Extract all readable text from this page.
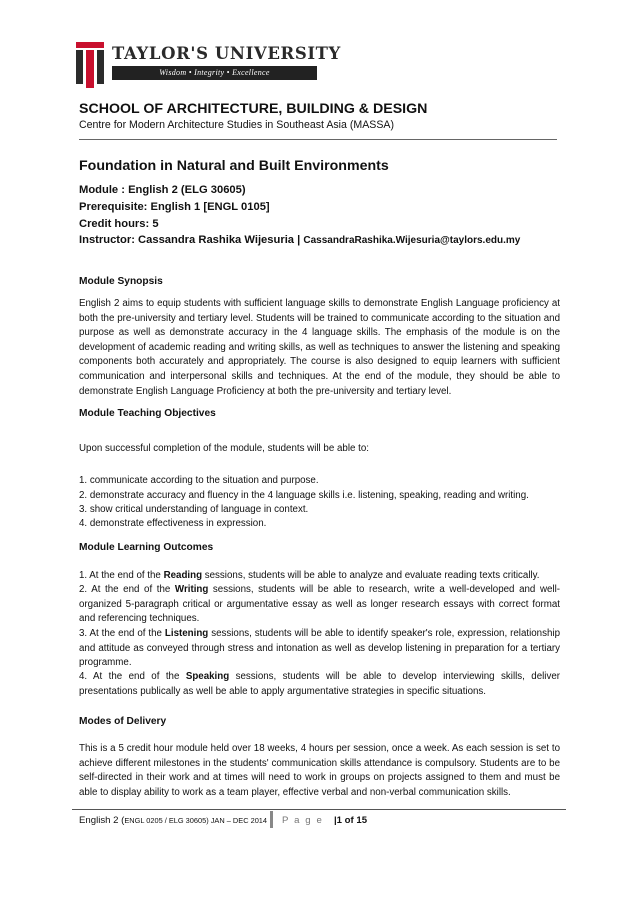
TAYLOR'S UNIVERSITY
Wisdom • Integrity • Excellence
SCHOOL OF ARCHITECTURE, BUILDING & DESIGN
Centre for Modern Architecture Studies in Southeast Asia (MASSA)
Foundation in Natural and Built Environments
Module : English 2 (ELG 30605)
Prerequisite: English 1 [ENGL 0105]
Credit hours: 5
Instructor: Cassandra Rashika Wijesuria | CassandraRashika.Wijesuria@taylors.edu.my
Module Synopsis
English 2 aims to equip students with sufficient language skills to demonstrate English Language proficiency at both the pre-university and tertiary level. Students will be trained to communicate according to the situation and purpose as well as demonstrate accuracy in the 4 language skills. The emphasis of the module is on the development of academic reading and writing skills, as well as techniques to answer the listening and speaking components both accurately and appropriately. The course is also designed to equip learners with sufficient communication and interpersonal skills and techniques. At the end of the module, they should be able to demonstrate English Language Proficiency at both the pre-university and tertiary level.
Module Teaching Objectives
Upon successful completion of the module, students will be able to:
1. communicate according to the situation and purpose.
2. demonstrate accuracy and fluency in the 4 language skills i.e. listening, speaking, reading and writing.
3. show critical understanding of language in context.
4. demonstrate effectiveness in expression.
Module Learning Outcomes
1. At the end of the Reading sessions, students will be able to analyze and evaluate reading texts critically.
2. At the end of the Writing sessions, students will be able to research, write a well-developed and well-organized 5-paragraph critical or argumentative essay as well as longer research essays with correct format and referencing techniques.
3. At the end of the Listening sessions, students will be able to identify speaker's role, expression, relationship and attitude as conveyed through stress and intonation as well as develop listening in preparation for a tertiary programme.
4. At the end of the Speaking sessions, students will be able to develop interviewing skills, deliver presentations publically as well be able to apply argumentative strategies in specific situations.
Modes of Delivery
This is a 5 credit hour module held over 18 weeks, 4 hours per session, once a week. As each session is set to achieve different milestones in the students' communication skills attendance is compulsory. Students are to be self-directed in their work and at times will need to work in groups on projects assigned to them and must be able to display ability to work as a team player, effective verbal and non-verbal communication skills.
English 2 (ENGL 0205 / ELG 30605) JAN – DEC 2014 P a g e |1 of 15
